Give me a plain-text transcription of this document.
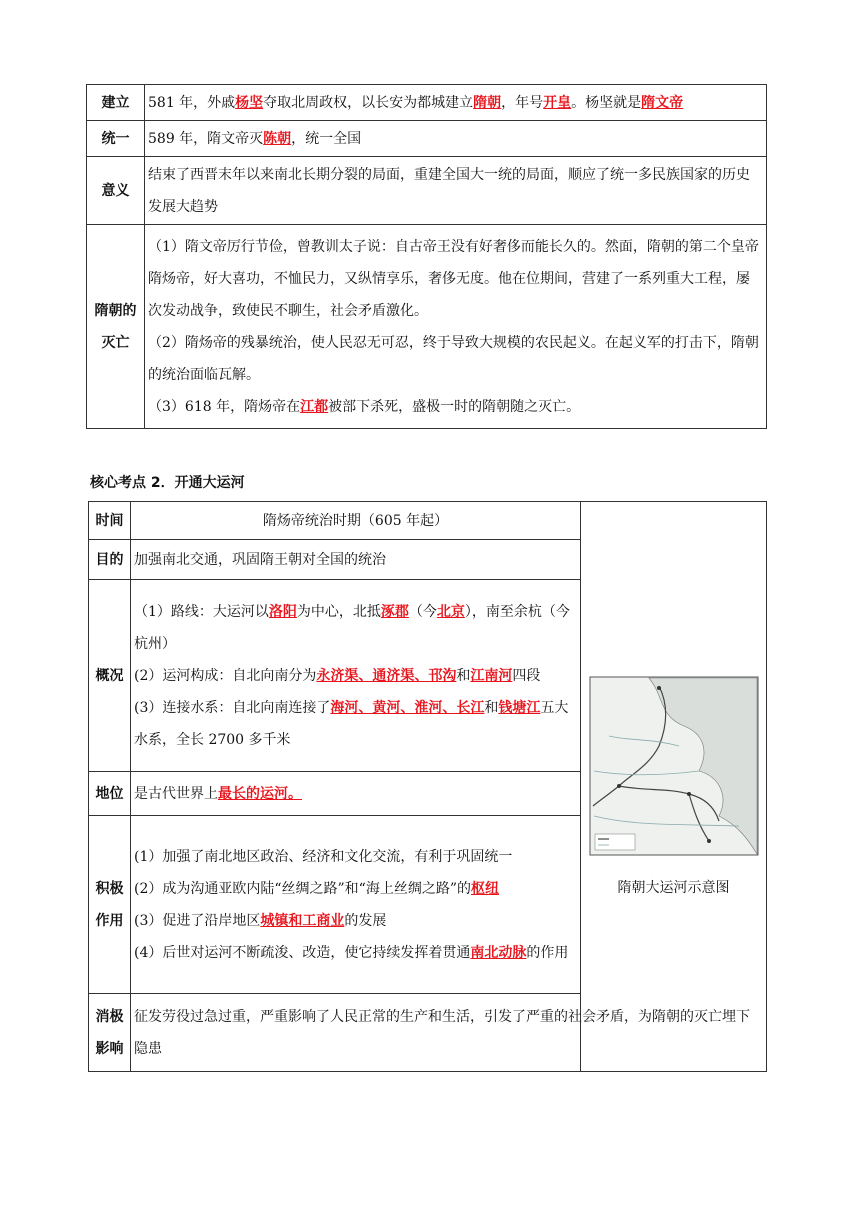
建立	581 年，外戚杨坚夺取北周政权，以长安为都城建立隋朝，年号开皇。杨坚就是隋文帝
统一	589 年，隋文帝灭陈朝，统一全国
意义	结束了西晋末年以来南北长期分裂的局面，重建全国大一统的局面，顺应了统一多民族国家的历史发展大趋势
隋朝的灭亡	（1）隋文帝厉行节俭，曾教训太子说：自古帝王没有好奢侈而能长久的。然面，隋朝的第二个皇帝隋炀帝，好大喜功，不恤民力，又纵情享乐，奢侈无度。他在位期间，营建了一系列重大工程，屡次发动战争，致使民不聊生，社会矛盾激化。

（2）隋炀帝的残暴统治，使人民忍无可忍，终于导致大规模的农民起义。在起义军的打击下，隋朝的统治面临瓦解。

（3）618 年，隋炀帝在江都被部下杀死，盛极一时的隋朝随之灭亡。

核心考点 2．开通大运河
时间	隋炀帝统治时期（605 年起）	隋朝大运河示意图

目的	加强南北交通，巩固隋王朝对全国的统治	
概况	（1）路线：大运河以洛阳为中心，北抵涿郡（今北京），南至余杭（今杭州）

(2）运河构成：自北向南分为永济渠、通济渠、邗沟和江南河四段

(3）连接水系：自北向南连接了海河、黄河、淮河、长江和钱塘江五大水系，全长 2700 多千米	

地位	是古代世界上最长的运河。	
积极作用	(1）加强了南北地区政治、经济和文化交流，有利于巩固统一

(2）成为沟通亚欧内陆“丝绸之路”和“海上丝绸之路”的枢纽

(3）促进了沿岸地区城镇和工商业的发展

(4）后世对运河不断疏浚、改造，使它持续发挥着贯通南北动脉的作用	

消极影响	征发劳役过急过重，严重影响了人民正常的生产和生活，引发了严重的社会矛盾，为隋朝的灭亡埋下隐患	
